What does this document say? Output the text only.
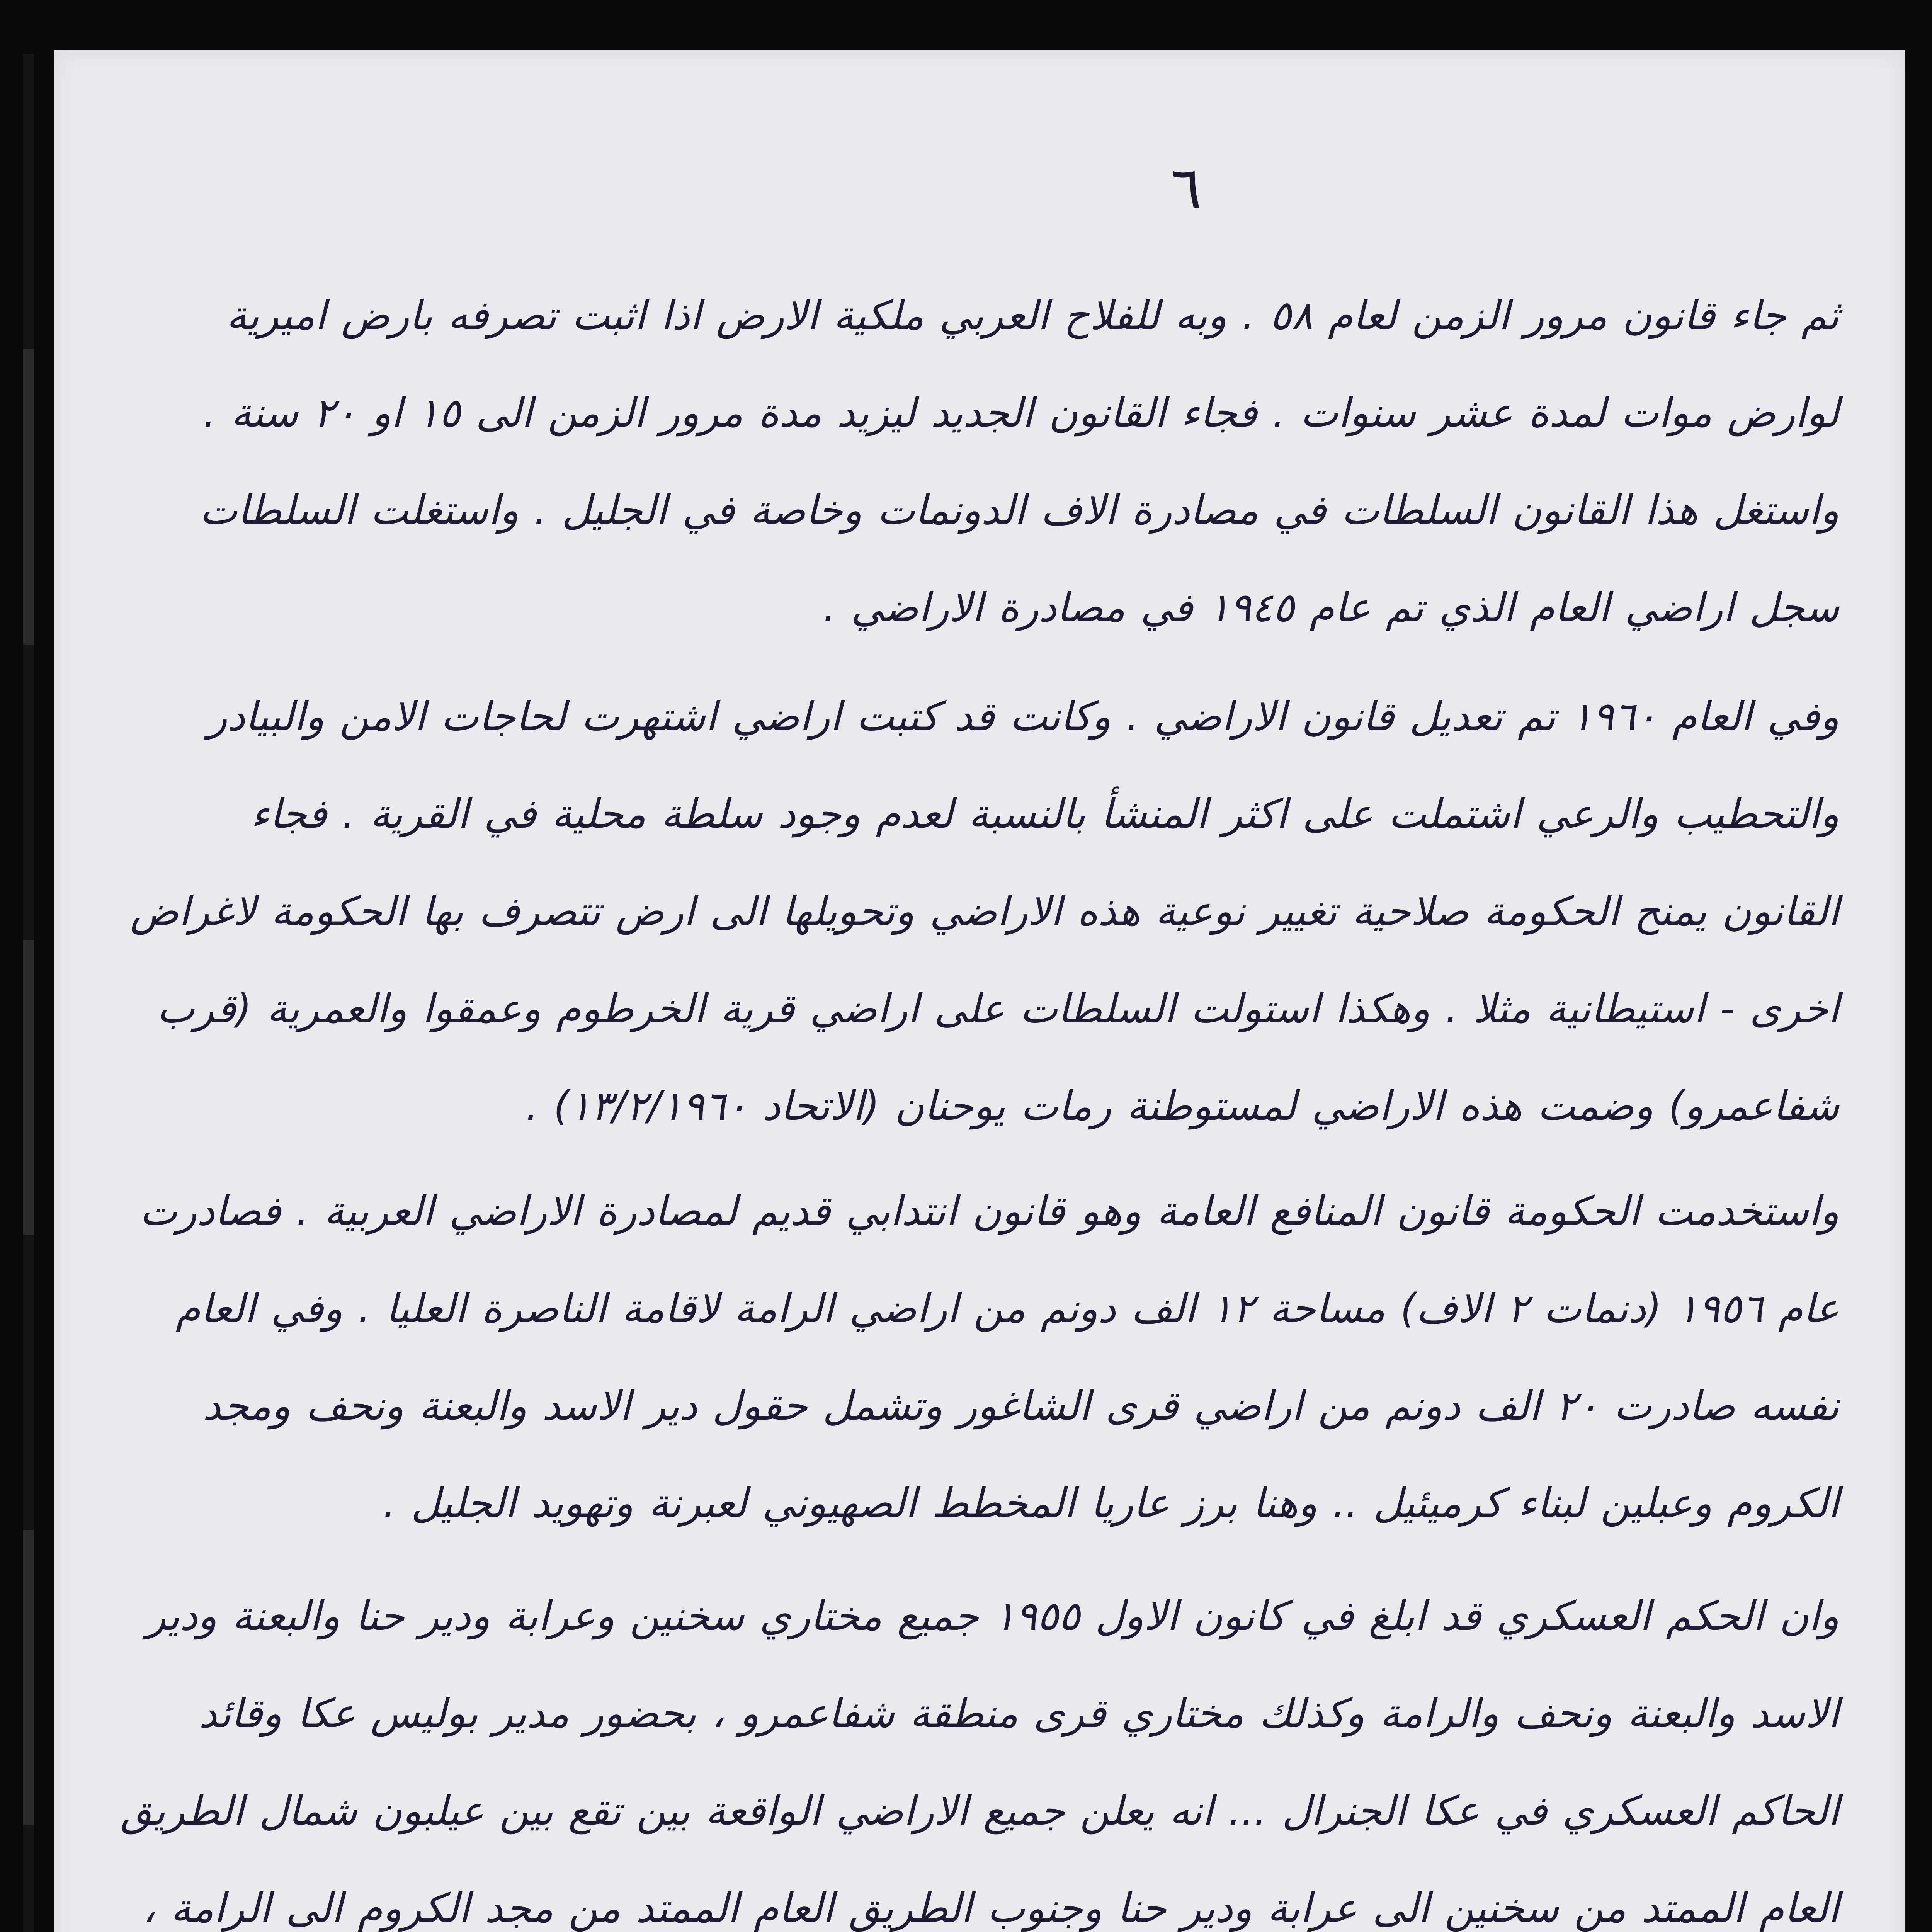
٦

ثم جاء قانون مرور الزمن لعام ٥٨ . وبه للفلاح العربي ملكية الارض اذا اثبت تصرفه بارض اميرية لوارض موات لمدة عشر سنوات . فجاء القانون الجديد ليزيد مدة مرور الزمن الى ١٥ او ٢٠ سنة . واستغل هذا القانون السلطات في مصادرة الاف الدونمات وخاصة في الجليل . واستغلت السلطات سجل اراضي العام الذي تم عام ١٩٤٥ في مصادرة الاراضي .

وفي العام ١٩٦٠ تم تعديل قانون الاراضي . وكانت قد كتبت اراضي اشتهرت لحاجات الامن والبيادر والتحطيب والرعي اشتملت على اكثر المنشأ بالنسبة لعدم وجود سلطة محلية في القرية . فجاء القانون يمنح الحكومة صلاحية تغيير نوعية هذه الاراضي وتحويلها الى ارض تتصرف بها الحكومة لاغراض اخرى - استيطانية مثلا . وهكذا استولت السلطات على اراضي قرية الخرطوم وعمقوا والعمرية (قرب شفاعمرو) وضمت هذه الاراضي لمستوطنة رمات يوحنان (الاتحاد ١٣/٢/١٩٦٠) .

واستخدمت الحكومة قانون المنافع العامة وهو قانون انتدابي قديم لمصادرة الاراضي العربية . فصادرت عام ١٩٥٦ (دنمات ٢ الاف) مساحة ١٢ الف دونم من اراضي الرامة لاقامة الناصرة العليا . وفي العام نفسه صادرت ٢٠ الف دونم من اراضي قرى الشاغور وتشمل حقول دير الاسد والبعنة ونحف ومجد الكروم وعبلين لبناء كرميئيل .. وهنا برز عاريا المخطط الصهيوني لعبرنة وتهويد الجليل .

وان الحكم العسكري قد ابلغ في كانون الاول ١٩٥٥ جميع مختاري سخنين وعرابة ودير حنا والبعنة ودير الاسد والبعنة ونحف والرامة وكذلك مختاري قرى منطقة شفاعمرو ، بحضور مدير بوليس عكا وقائد الحاكم العسكري في عكا الجنرال ... انه يعلن جميع الاراضي الواقعة بين تقع بين عيلبون شمال الطريق العام الممتد من سخنين الى عرابة ودير حنا وجنوب الطريق العام الممتد من مجد الكروم الى الرامة ،
